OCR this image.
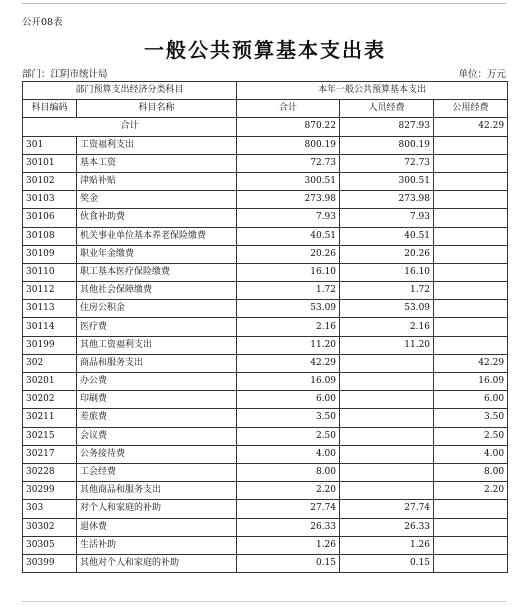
公开08表
一般公共预算基本支出表
部门：江阴市统计局	单位：万元
部门预算支出经济分类科目		本年一般公共预算基本支出		
科目编码	科目名称	合计	人员经费	公用经费
合计		870.22	827.93	42.29
301	工资福利支出	800.19	800.19	
30101	基本工资	72.73	72.73	
30102	津贴补贴	300.51	300.51	
30103	奖金	273.98	273.98	
30106	伙食补助费	7.93	7.93	
30108	机关事业单位基本养老保险缴费	40.51	40.51	
30109	职业年金缴费	20.26	20.26	
30110	职工基本医疗保险缴费	16.10	16.10	
30112	其他社会保障缴费	1.72	1.72	
30113	住房公积金	53.09	53.09	
30114	医疗费	2.16	2.16	
30199	其他工资福利支出	11.20	11.20	
302	商品和服务支出	42.29		42.29
30201	办公费	16.09		16.09
30202	印刷费	6.00		6.00
30211	差旅费	3.50		3.50
30215	会议费	2.50		2.50
30217	公务接待费	4.00		4.00
30228	工会经费	8.00		8.00
30299	其他商品和服务支出	2.20		2.20
303	对个人和家庭的补助	27.74	27.74	
30302	退休费	26.33	26.33	
30305	生活补助	1.26	1.26	
30399	其他对个人和家庭的补助	0.15	0.15	
